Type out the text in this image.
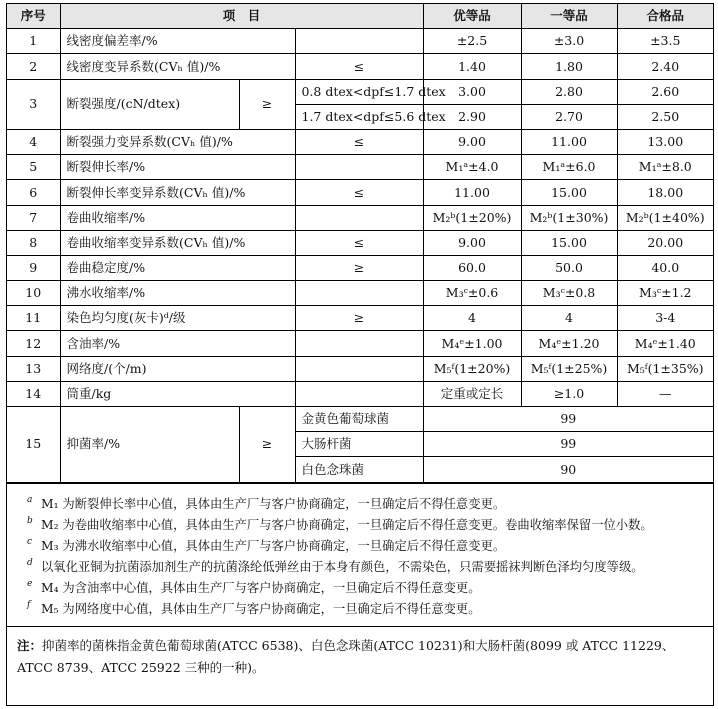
序号	项　目			优等品	一等品	合格品
1	线密度偏差率/%			±2.5	±3.0	±3.5
2	线密度变异系数(CVₕ 值)/%		≤	1.40	1.80	2.40
3	断裂强度/(cN/dtex)	≥	0.8 dtex<dpf≤1.7 dtex	3.00	2.80	2.60
			1.7 dtex<dpf≤5.6 dtex	2.90	2.70	2.50
4	断裂强力变异系数(CVₕ 值)/%		≤	9.00	11.00	13.00
5	断裂伸长率/%			M₁ᵃ±4.0	M₁ᵃ±6.0	M₁ᵃ±8.0
6	断裂伸长率变异系数(CVₕ 值)/%		≤	11.00	15.00	18.00
7	卷曲收缩率/%			M₂ᵇ(1±20%)	M₂ᵇ(1±30%)	M₂ᵇ(1±40%)
8	卷曲收缩率变异系数(CVₕ 值)/%		≤	9.00	15.00	20.00
9	卷曲稳定度/%		≥	60.0	50.0	40.0
10	沸水收缩率/%			M₃ᶜ±0.6	M₃ᶜ±0.8	M₃ᶜ±1.2
11	染色均匀度(灰卡)ᵈ/级		≥	4	4	3-4
12	含油率/%			M₄ᵉ±1.00	M₄ᵉ±1.20	M₄ᵉ±1.40
13	网络度/(个/m)			M₅ᶠ(1±20%)	M₅ᶠ(1±25%)	M₅ᶠ(1±35%)
14	筒重/kg			定重或定长	≥1.0	—
15	抑菌率/%	≥	金黄色葡萄球菌	99		
			大肠杆菌	99		
			白色念珠菌	90		
a M₁ 为断裂伸长率中心值，具体由生产厂与客户协商确定，一旦确定后不得任意变更。
b M₂ 为卷曲收缩率中心值，具体由生产厂与客户协商确定，一旦确定后不得任意变更。卷曲收缩率保留一位小数。
c M₃ 为沸水收缩率中心值，具体由生产厂与客户协商确定，一旦确定后不得任意变更。
d 以氧化亚铜为抗菌添加剂生产的抗菌涤纶低弹丝由于本身有颜色，不需染色，只需要摇袜判断色泽均匀度等级。
e M₄ 为含油率中心值，具体由生产厂与客户协商确定，一旦确定后不得任意变更。
f M₅ 为网络度中心值，具体由生产厂与客户协商确定，一旦确定后不得任意变更。
注：抑菌率的菌株指金黄色葡萄球菌(ATCC 6538)、白色念珠菌(ATCC 10231)和大肠杆菌(8099 或 ATCC 11229、ATCC 8739、ATCC 25922 三种的一种)。
